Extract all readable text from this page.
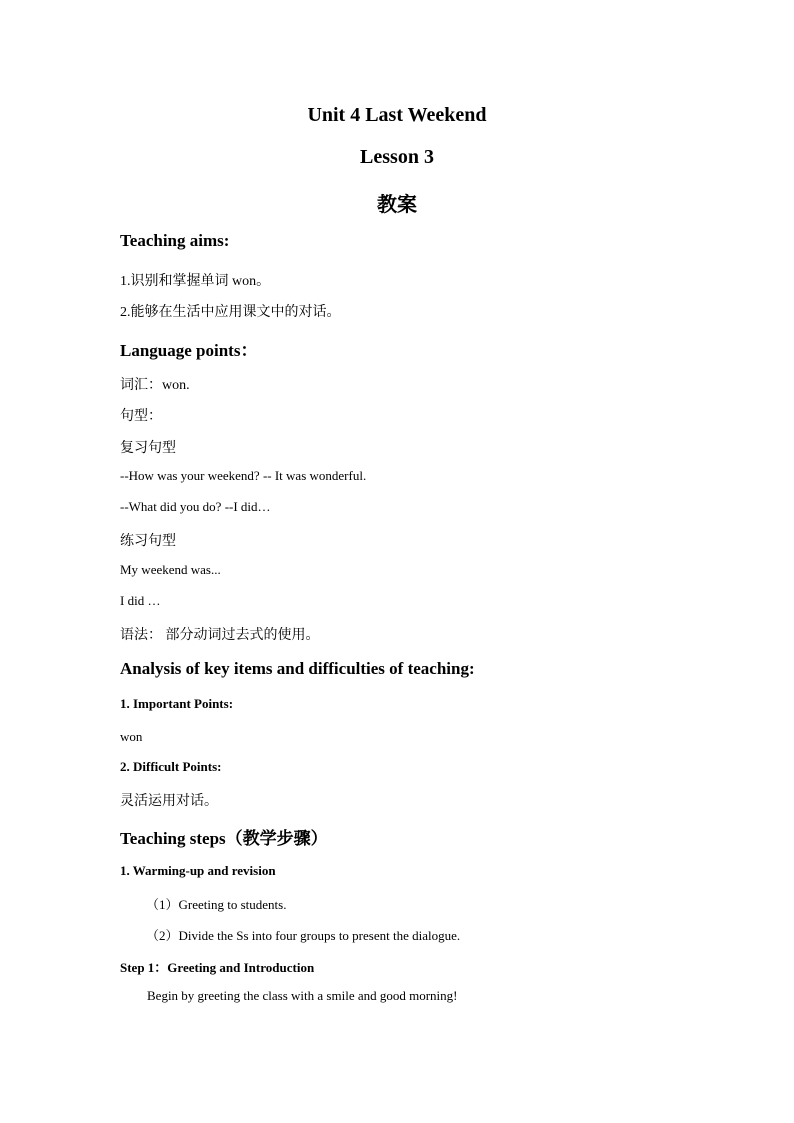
Unit 4 Last Weekend
Lesson 3
教案
Teaching aims:
1.识别和掌握单词 won。
2.能够在生活中应用课文中的对话。
Language points：
词汇：won.
句型：
复习句型
--How was your weekend? -- It was wonderful.
--What did you do? --I did…
练习句型
My weekend was...
I did …
语法： 部分动词过去式的使用。
Analysis of key items and difficulties of teaching:
1. Important Points:
won
2. Difficult Points:
灵活运用对话。
Teaching steps（教学步骤）
1. Warming-up and revision
（1）Greeting to students.
（2）Divide the Ss into four groups to present the dialogue.
Step 1：Greeting and Introduction
Begin by greeting the class with a smile and good morning!
